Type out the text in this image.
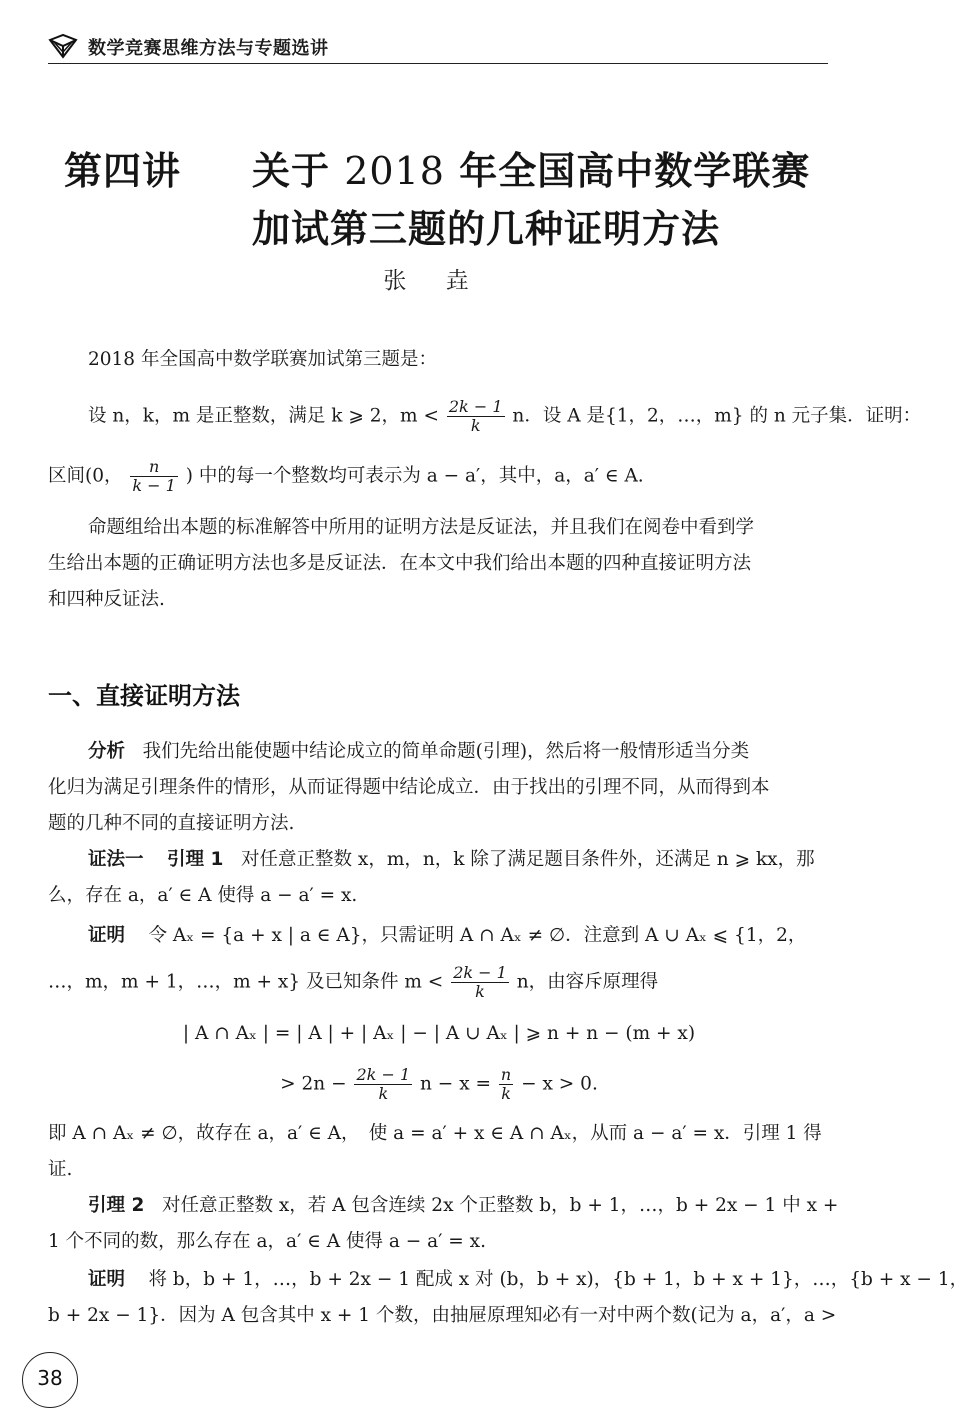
数学竞赛思维方法与专题选讲
第四讲 关于 2018 年全国高中数学联赛
加试第三题的几种证明方法
张 垚
2018 年全国高中数学联赛加试第三题是：
设 n，k，m 是正整数，满足 k ⩾ 2，$m < \frac{2k - 1}{k}$ n．设 A 是{1，2，…，m} 的 n 元子集．证明：
区间(0， $\frac{n}{k - 1}$ ) 中的每一个整数均可表示为 a − a′，其中，a，a′ ∈ A.
命题组给出本题的标准解答中所用的证明方法是反证法，并且我们在阅卷中看到学
生给出本题的正确证明方法也多是反证法．在本文中我们给出本题的四种直接证明方法
和四种反证法.
一、直接证明方法
分析 我们先给出能使题中结论成立的简单命题(引理)，然后将一般情形适当分类
化归为满足引理条件的情形，从而证得题中结论成立．由于找出的引理不同，从而得到本
题的几种不同的直接证明方法.
证法一 引理 1 对任意正整数 x，m，n，k 除了满足题目条件外，还满足 n ⩾ kx，那
么，存在 a，a′ ∈ A 使得 a − a′ = x.
证明 令 Aₓ = {a + x | a ∈ A}，只需证明 A ∩ Aₓ ≠ ∅．注意到 A ∪ Aₓ ⩽ {1，2，
…，m，m + 1，…，m + x} 及已知条件 $m < \frac{2k - 1}{k}$ n，由容斥原理得
| A ∩ Aₓ | = | A | + | Aₓ | − | A ∪ Aₓ | ⩾ n + n − (m + x)
> $2n - \frac{2k - 1}{k}$ $n - x = \frac{n}{k} - x > 0$.
即 A ∩ Aₓ ≠ ∅，故存在 a，a′ ∈ A，　使 a = a′ + x ∈ A ∩ Aₓ，从而 a − a′ = x．引理 1 得
证.
引理 2 对任意正整数 x，若 A 包含连续 2x 个正整数 b，b + 1，…，b + 2x − 1 中 x +
1 个不同的数，那么存在 a，a′ ∈ A 使得 a − a′ = x.
证明 将 b，b + 1，…，b + 2x − 1 配成 x 对 (b，b + x)，{b + 1，b + x + 1}，…，{b + x − 1，
b + 2x − 1}．因为 A 包含其中 x + 1 个数，由抽屉原理知必有一对中两个数(记为 a，a′，a >
38
